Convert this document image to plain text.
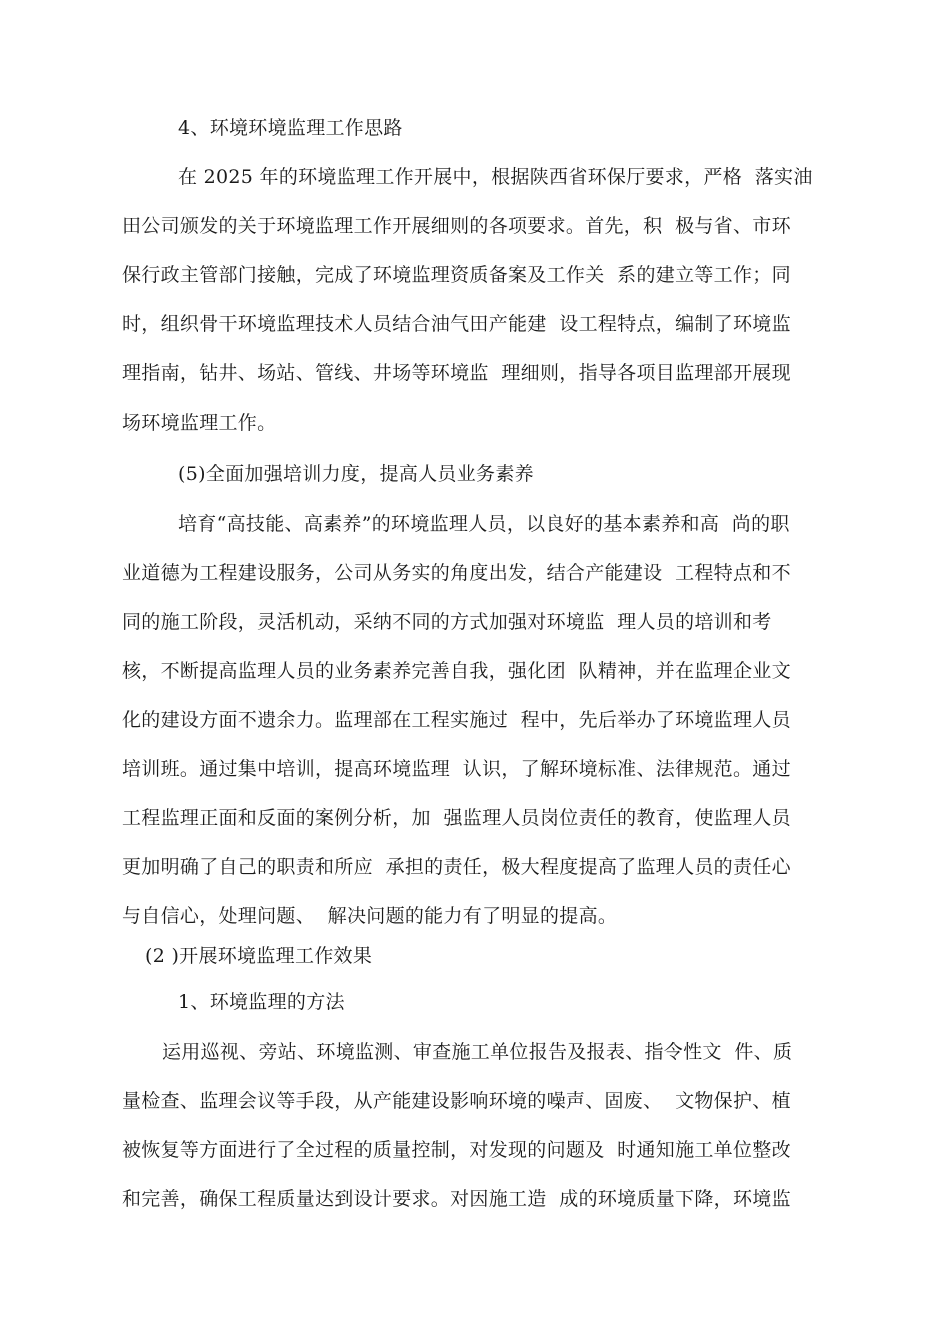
4、环境环境监理工作思路
在 2025 年的环境监理工作开展中，根据陕西省环保厅要求，严格  落实油
田公司颁发的关于环境监理工作开展细则的各项要求。首先，积  极与省、市环
保行政主管部门接触，完成了环境监理资质备案及工作关  系的建立等工作；同
时，组织骨干环境监理技术人员结合油气田产能建  设工程特点，编制了环境监
理指南，钻井、场站、管线、井场等环境监  理细则，指导各项目监理部开展现
场环境监理工作。
(5)全面加强培训力度，提高人员业务素养
培育“高技能、高素养”的环境监理人员，以良好的基本素养和高  尚的职
业道德为工程建设服务，公司从务实的角度出发，结合产能建设  工程特点和不
同的施工阶段，灵活机动，采纳不同的方式加强对环境监  理人员的培训和考
核，不断提高监理人员的业务素养完善自我，强化团  队精神，并在监理企业文
化的建设方面不遗余力。监理部在工程实施过  程中，先后举办了环境监理人员
培训班。通过集中培训，提高环境监理  认识，了解环境标准、法律规范。通过
工程监理正面和反面的案例分析，加  强监理人员岗位责任的教育，使监理人员
更加明确了自己的职责和所应  承担的责任，极大程度提高了监理人员的责任心
与自信心，处理问题、  解决问题的能力有了明显的提高。
(2 )开展环境监理工作效果
1、环境监理的方法
运用巡视、旁站、环境监测、审查施工单位报告及报表、指令性文  件、质
量检查、监理会议等手段，从产能建设影响环境的噪声、固废、  文物保护、植
被恢复等方面进行了全过程的质量控制，对发现的问题及  时通知施工单位整改
和完善，确保工程质量达到设计要求。对因施工造  成的环境质量下降，环境监
